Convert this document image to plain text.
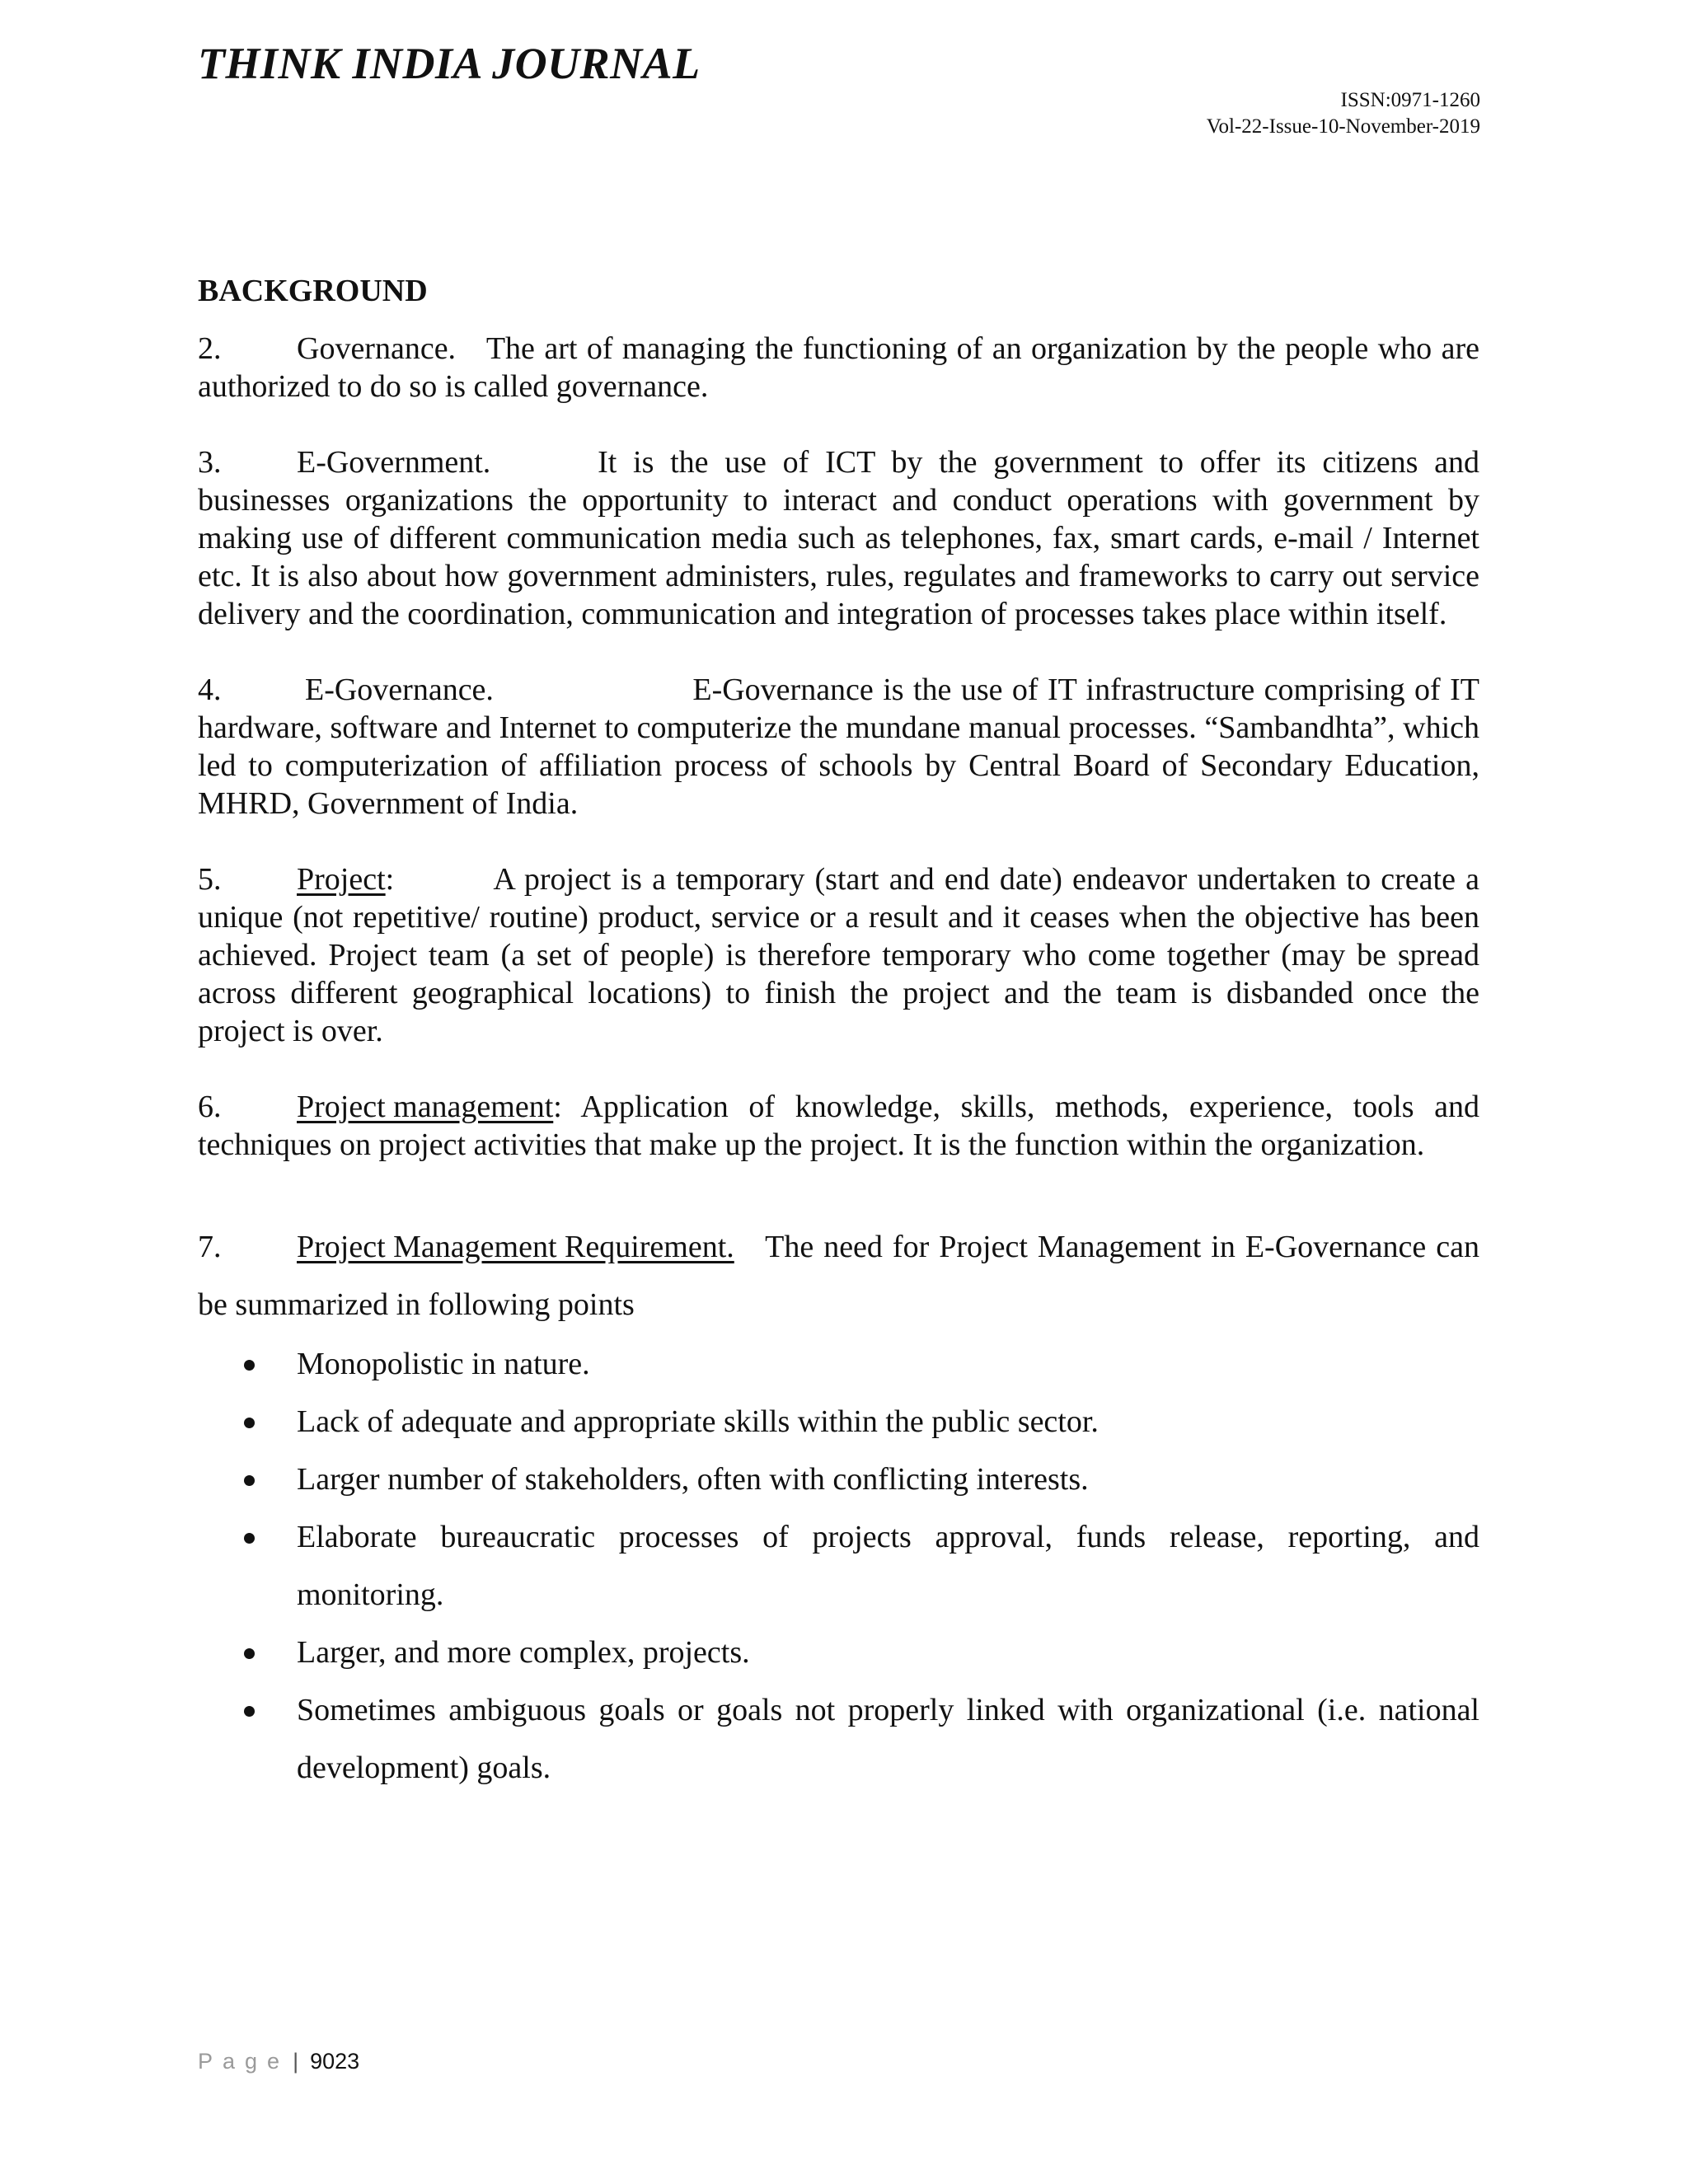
THINK INDIA JOURNAL
ISSN:0971-1260
Vol-22-Issue-10-November-2019
BACKGROUND

2. Governance. The art of managing the functioning of an organization by the people who are authorized to do so is called governance.

3. E-Government.	It is the use of ICT by the government to offer its citizens and businesses organizations the opportunity to interact and conduct operations with government by making use of different communication media such as telephones, fax, smart cards, e-mail / Internet etc. It is also about how government administers, rules, regulates and frameworks to carry out service delivery and the coordination, communication and integration of processes takes place within itself.

4.	E-Governance.	E-Governance is the use of IT infrastructure comprising of IT hardware, software and Internet to computerize the mundane manual processes. “Sambandhta”, which led to computerization of affiliation process of schools by Central Board of Secondary Education, MHRD, Government of India.

5. Project:	A project is a temporary (start and end date) endeavor undertaken to create a unique (not repetitive/ routine) product, service or a result and it ceases when the objective has been achieved. Project team (a set of people) is therefore temporary who come together (may be spread across different geographical locations) to finish the project and the team is disbanded once the project is over.

6. Project management: Application of knowledge, skills, methods, experience, tools and techniques on project activities that make up the project. It is the function within the organization.

7. Project Management Requirement. The need for Project Management in E-Governance can be summarized in following points

Monopolistic in nature.
Lack of adequate and appropriate skills within the public sector.
Larger number of stakeholders, often with conflicting interests.
Elaborate bureaucratic processes of projects approval, funds release, reporting, and monitoring.
Larger, and more complex, projects.
Sometimes ambiguous goals or goals not properly linked with organizational (i.e. national development) goals.
Page | 9023
